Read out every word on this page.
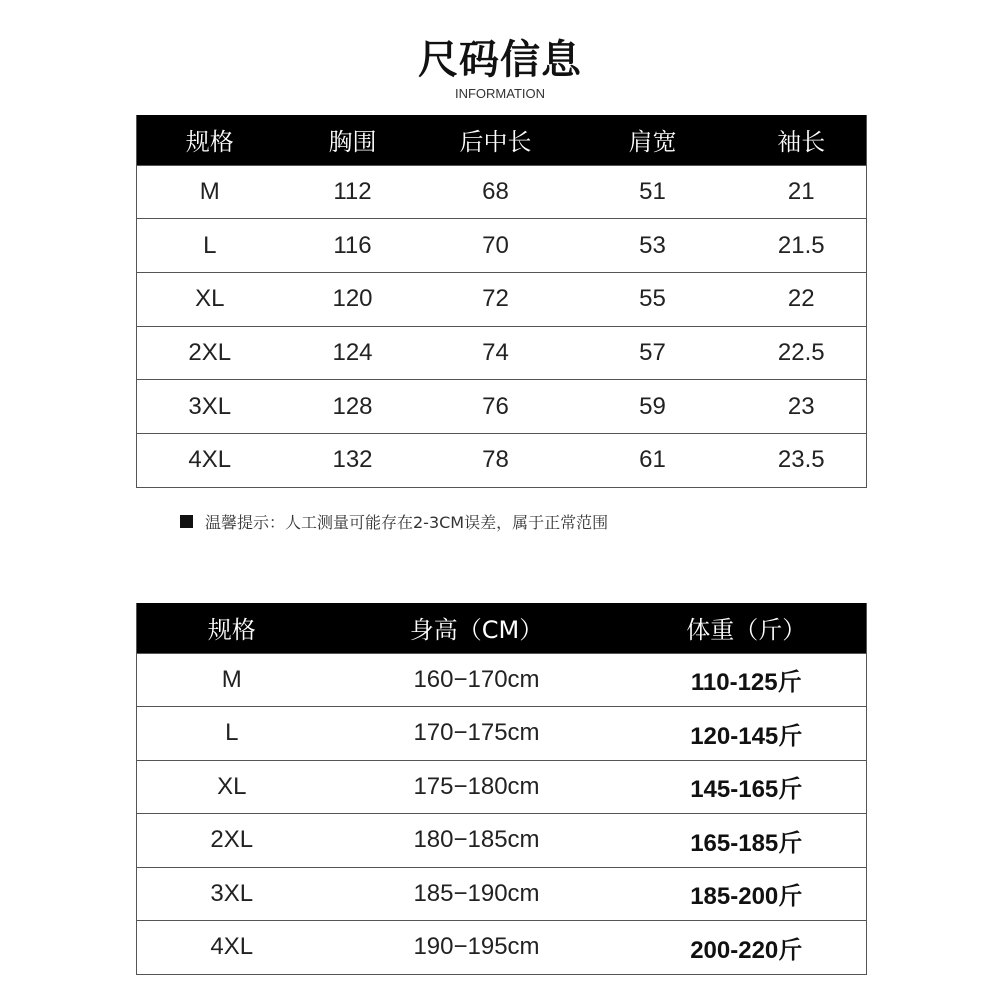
尺码信息
INFORMATION
规格	胸围	后中长	肩宽	袖长
M	112	68	51	21
L	116	70	53	21.5
XL	120	72	55	22
2XL	124	74	57	22.5
3XL	128	76	59	23
4XL	132	78	61	23.5
温馨提示：人工测量可能存在2-3CM误差，属于正常范围
规格	身高（CM）	体重（斤）
M	160−170cm	110-125斤
L	170−175cm	120-145斤
XL	175−180cm	145-165斤
2XL	180−185cm	165-185斤
3XL	185−190cm	185-200斤
4XL	190−195cm	200-220斤
